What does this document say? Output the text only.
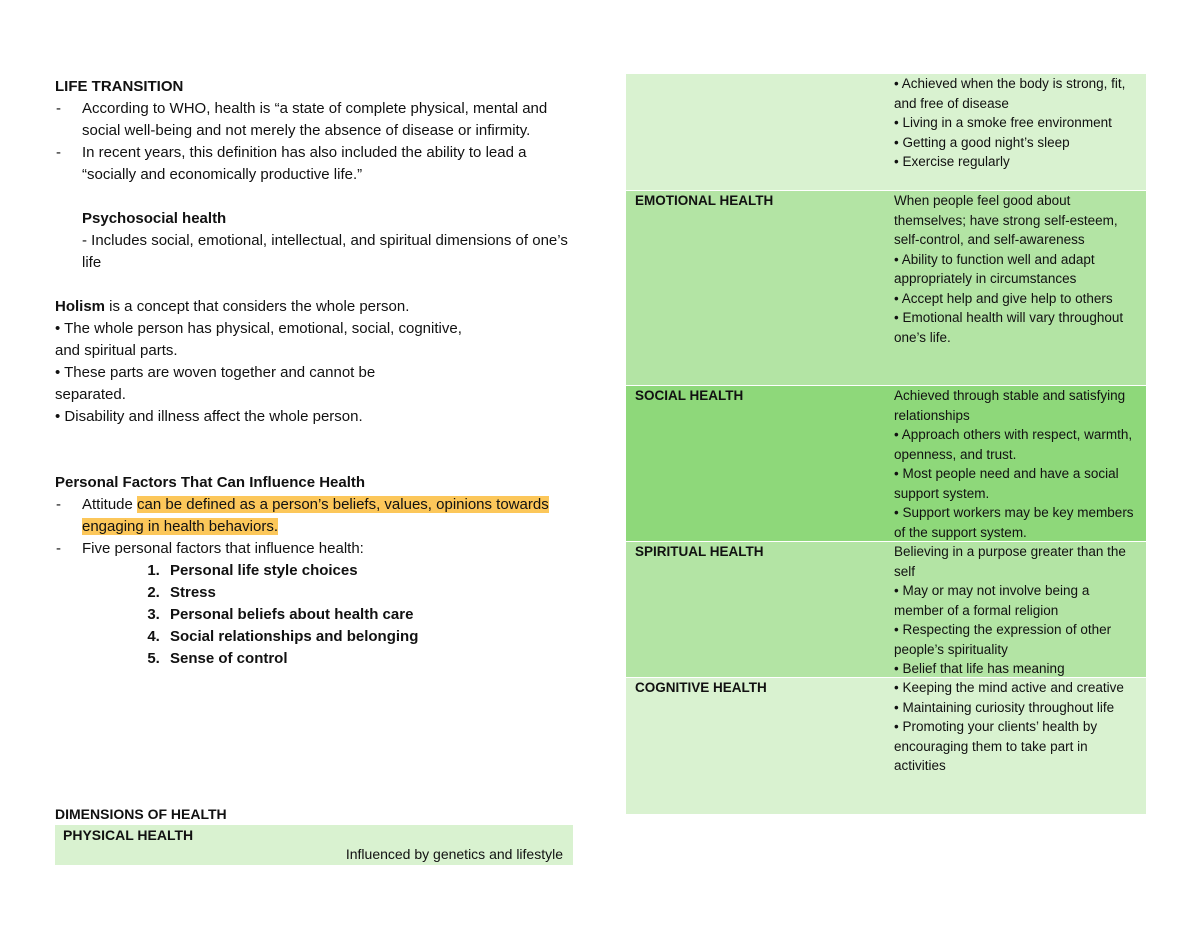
LIFE TRANSITION

- According to WHO, health is “a state of complete physical, mental and social well-being and not merely the absence of disease or infirmity.

- In recent years, this definition has also included the ability to lead a “socially and economically productive life.”

Psychosocial health

- Includes social, emotional, intellectual, and spiritual dimensions of one’s life

Holism is a concept that considers the whole person.

• The whole person has physical, emotional, social, cognitive, and spiritual parts.

• These parts are woven together and cannot be separated.

• Disability and illness affect the whole person.

Personal Factors That Can Influence Health

- Attitude can be defined as a person’s beliefs, values, opinions towards engaging in health behaviors.

- Five personal factors that influence health:

1. Personal life style choices
2. Stress
3. Personal beliefs about health care
4. Social relationships and belonging
5. Sense of control
DIMENSIONS OF HEALTH
PHYSICAL HEALTH
Influenced by genetics and lifestyle
• Achieved when the body is strong, fit, and free of disease
• Living in a smoke free environment
• Getting a good night’s sleep
• Exercise regularly
EMOTIONAL HEALTH	When people feel good about themselves; have strong self-esteem, self-control, and self-awareness
• Ability to function well and adapt appropriately in circumstances
• Accept help and give help to others
• Emotional health will vary throughout one’s life.
SOCIAL HEALTH	Achieved through stable and satisfying relationships
• Approach others with respect, warmth, openness, and trust.
• Most people need and have a social support system.
• Support workers may be key members of the support system.
SPIRITUAL HEALTH	Believing in a purpose greater than the self
• May or may not involve being a member of a formal religion
• Respecting the expression of other people’s spirituality
• Belief that life has meaning
COGNITIVE HEALTH	• Keeping the mind active and creative
• Maintaining curiosity throughout life
• Promoting your clients’ health by encouraging them to take part in activities
